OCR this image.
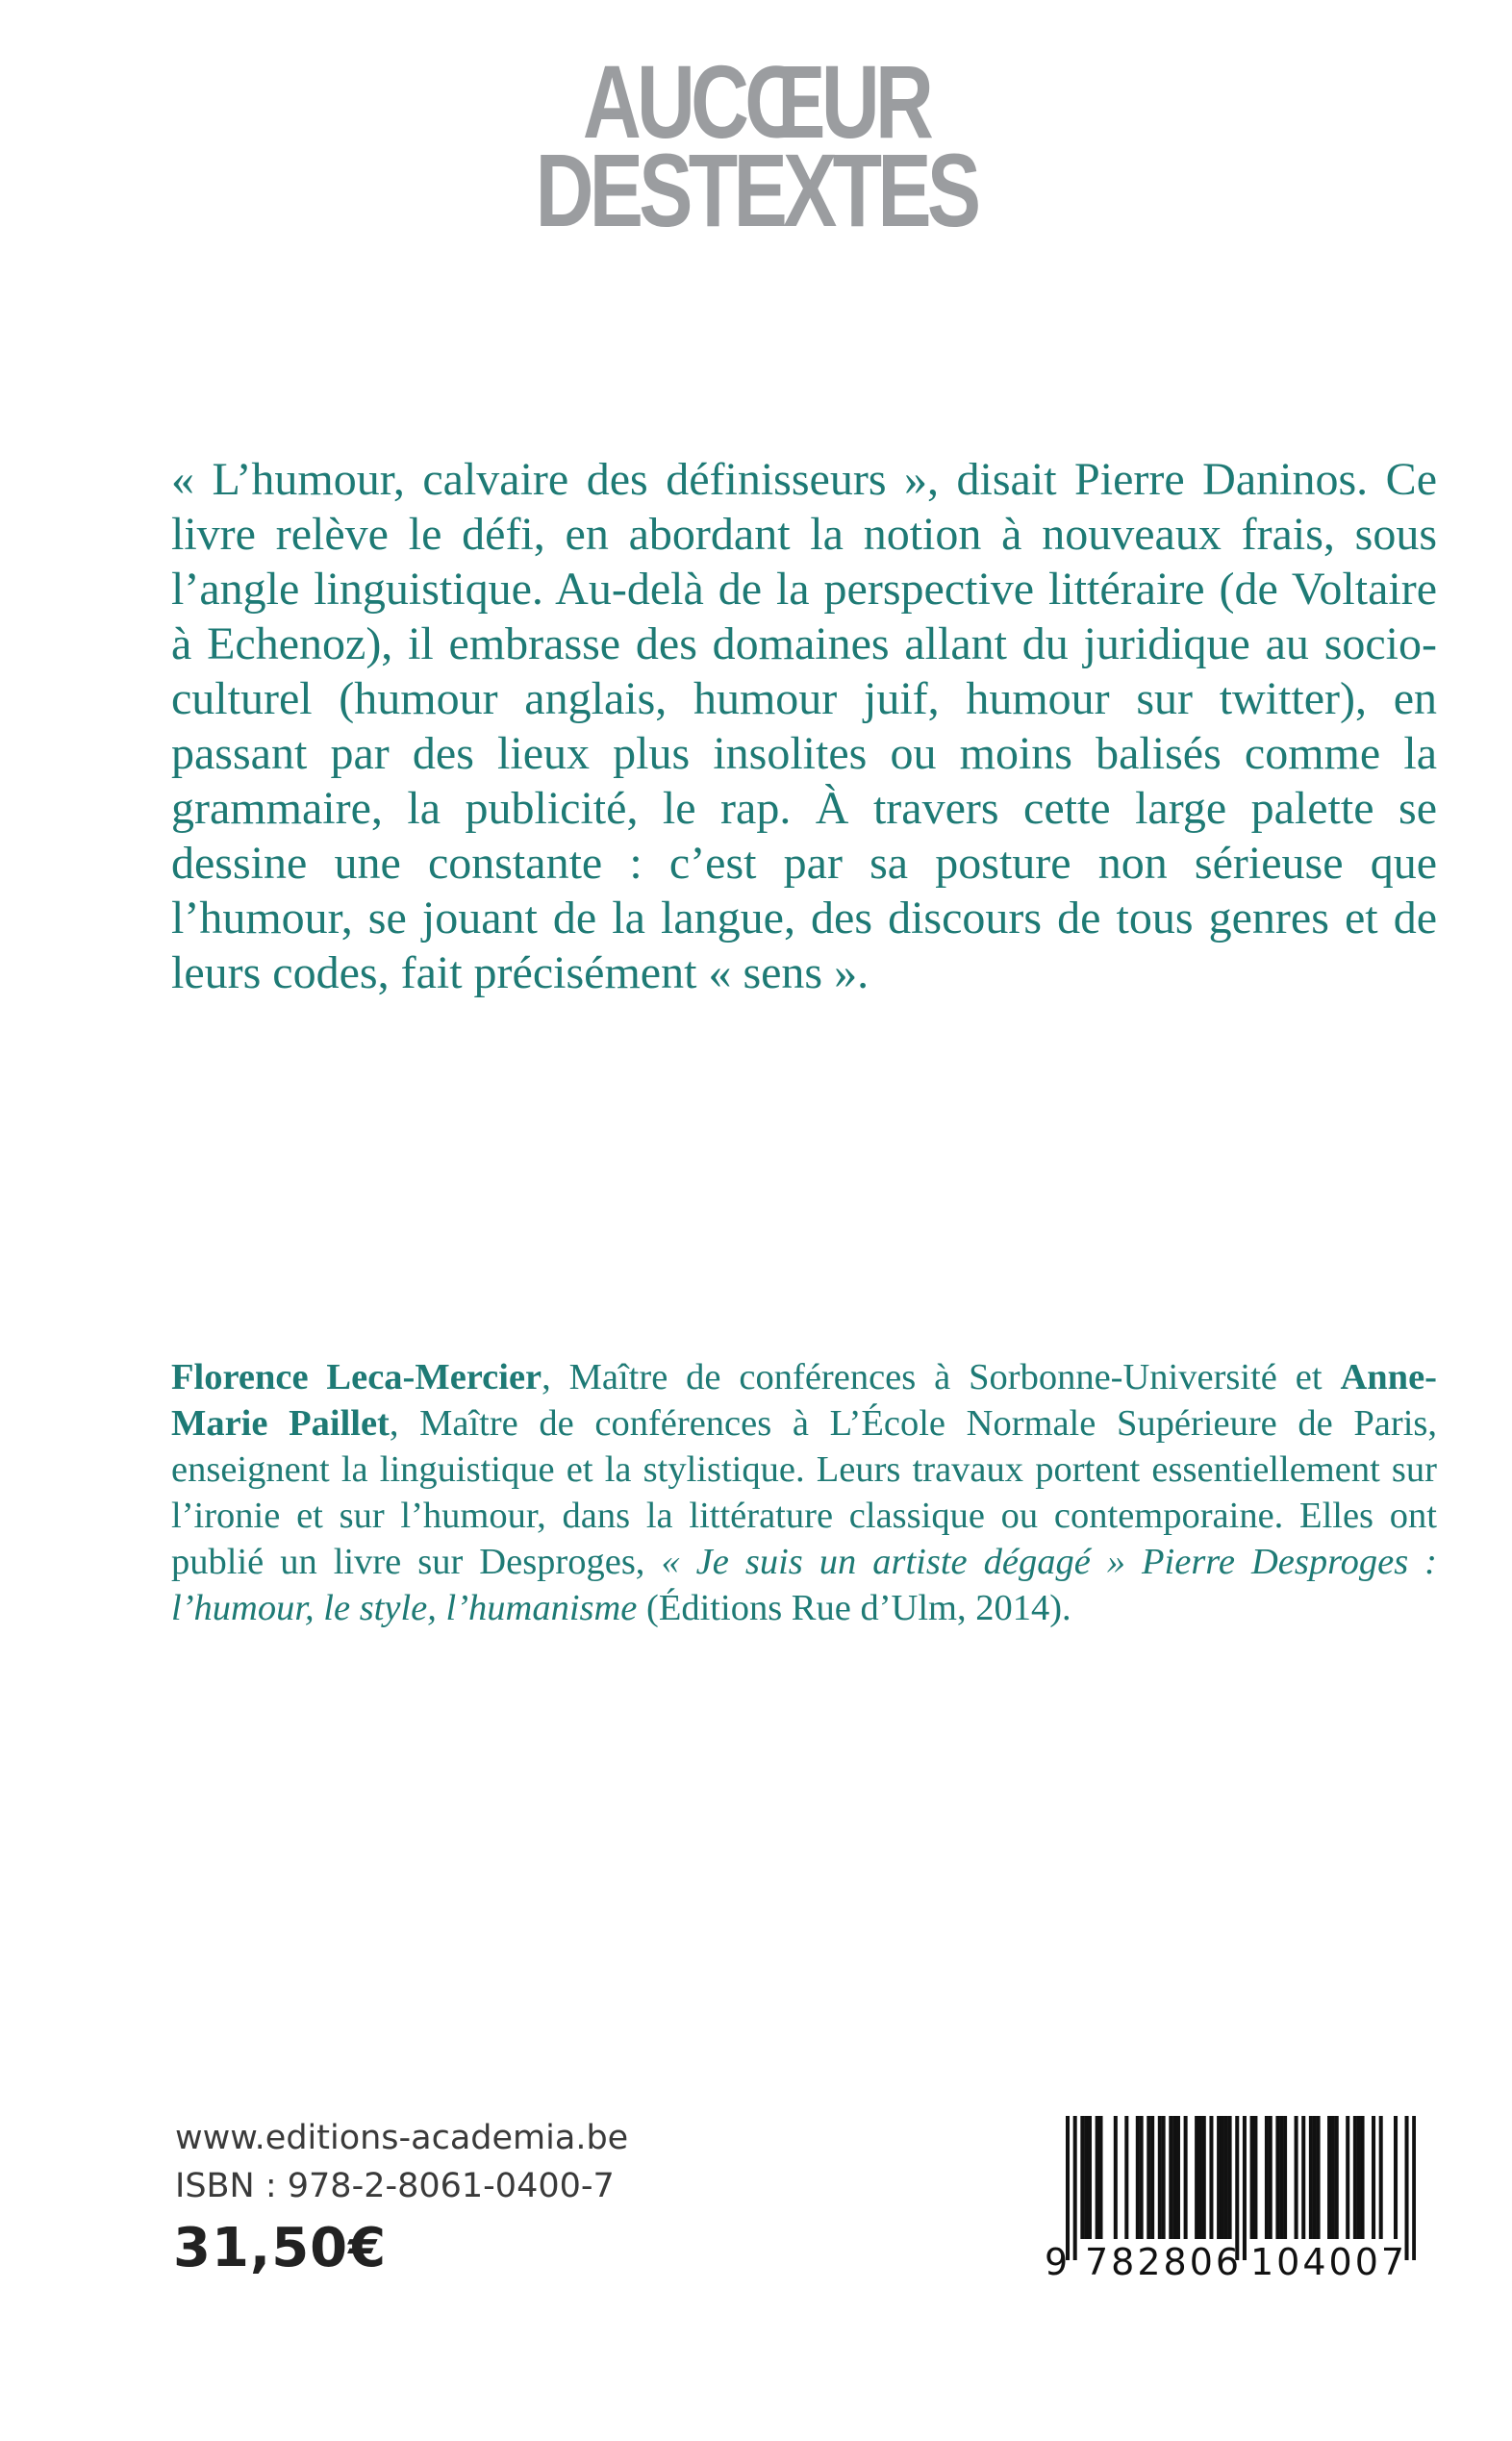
AUCŒUR
DESTEXTES

« L’humour, calvaire des définisseurs », disait Pierre Daninos. Ce livre relève le défi, en abordant la notion à nouveaux frais, sous l’angle linguistique. Au-delà de la perspective littéraire (de Voltaire à Echenoz), il embrasse des domaines allant du juridique au socio-culturel (humour anglais, humour juif, humour sur twitter), en passant par des lieux plus insolites ou moins balisés comme la grammaire, la publicité, le rap. À travers cette large palette se dessine une constante : c’est par sa posture non sérieuse que l’humour, se jouant de la langue, des discours de tous genres et de leurs codes, fait précisément « sens ».

Florence Leca-Mercier, Maître de conférences à Sorbonne-Université et Anne-Marie Paillet, Maître de conférences à L’École Normale Supérieure de Paris, enseignent la linguistique et la stylistique. Leurs travaux portent essentiellement sur l’ironie et sur l’humour, dans la littérature classique ou contemporaine. Elles ont publié un livre sur Desproges, « Je suis un artiste dégagé » Pierre Desproges : l’humour, le style, l’humanisme (Éditions Rue d’Ulm, 2014).

www.editions-academia.be
ISBN : 978-2-8061-0400-7
31,50€	9 782806 104007
